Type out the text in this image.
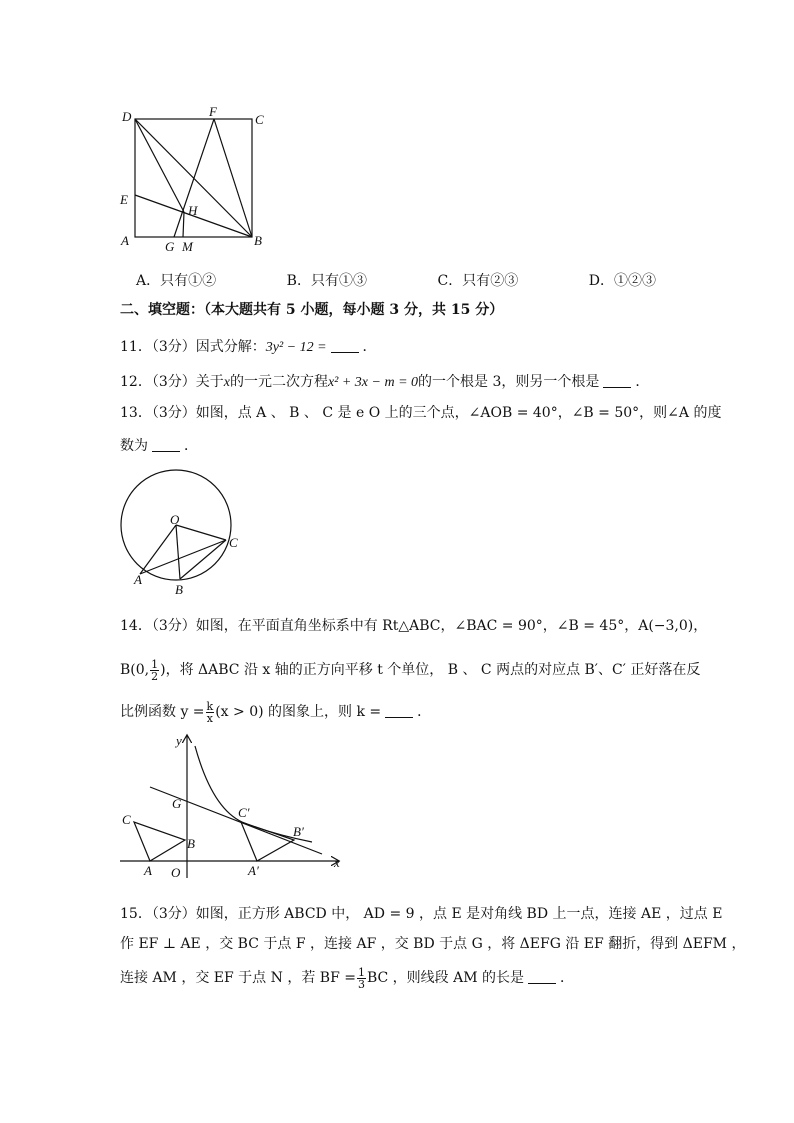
D	F
C
E
H
A	G M	B
A．只有①②	B．只有①③	C．只有②③	D．①②③
二、填空题：（本大题共有 5 小题，每小题 3 分，共 15 分）
11．（3分）因式分解：3y² − 12 =	．
12．（3分）关于x的一元二次方程x² + 3x − m = 0的一个根是 3，则另一个根是	．
13．（3分）如图，点 A 、 B 、 C 是 e O 上的三个点，∠AOB = 40°，∠B = 50°，则∠A 的度
数为	．
O
C
A
B
14．（3分）如图，在平面直角坐标系中有 Rt△ABC，∠BAC = 90°，∠B = 45°，A(−3,0)，
B(0, $\frac{1}{2}$ )，将 ΔABC 沿 x 轴的正方向平移 t 个单位， B 、 C 两点的对应点 B′、C′ 正好落在反
比例函数 $y = \frac{k}{x} (x > 0)$ 的图象上，则 k =	．
y
G
C
B
A O
C′
B′
A′
x
15．（3分）如图，正方形 ABCD 中， AD = 9 ，点 E 是对角线 BD 上一点，连接 AE ，过点 E
作 EF ⊥ AE ，交 BC 于点 F ，连接 AF ，交 BD 于点 G ，将 ΔEFG 沿 EF 翻折，得到 ΔEFM ，
连接 AM ，交 EF 于点 N ，若 BF = $\frac{1}{3}$ BC ，则线段 AM 的长是	．
